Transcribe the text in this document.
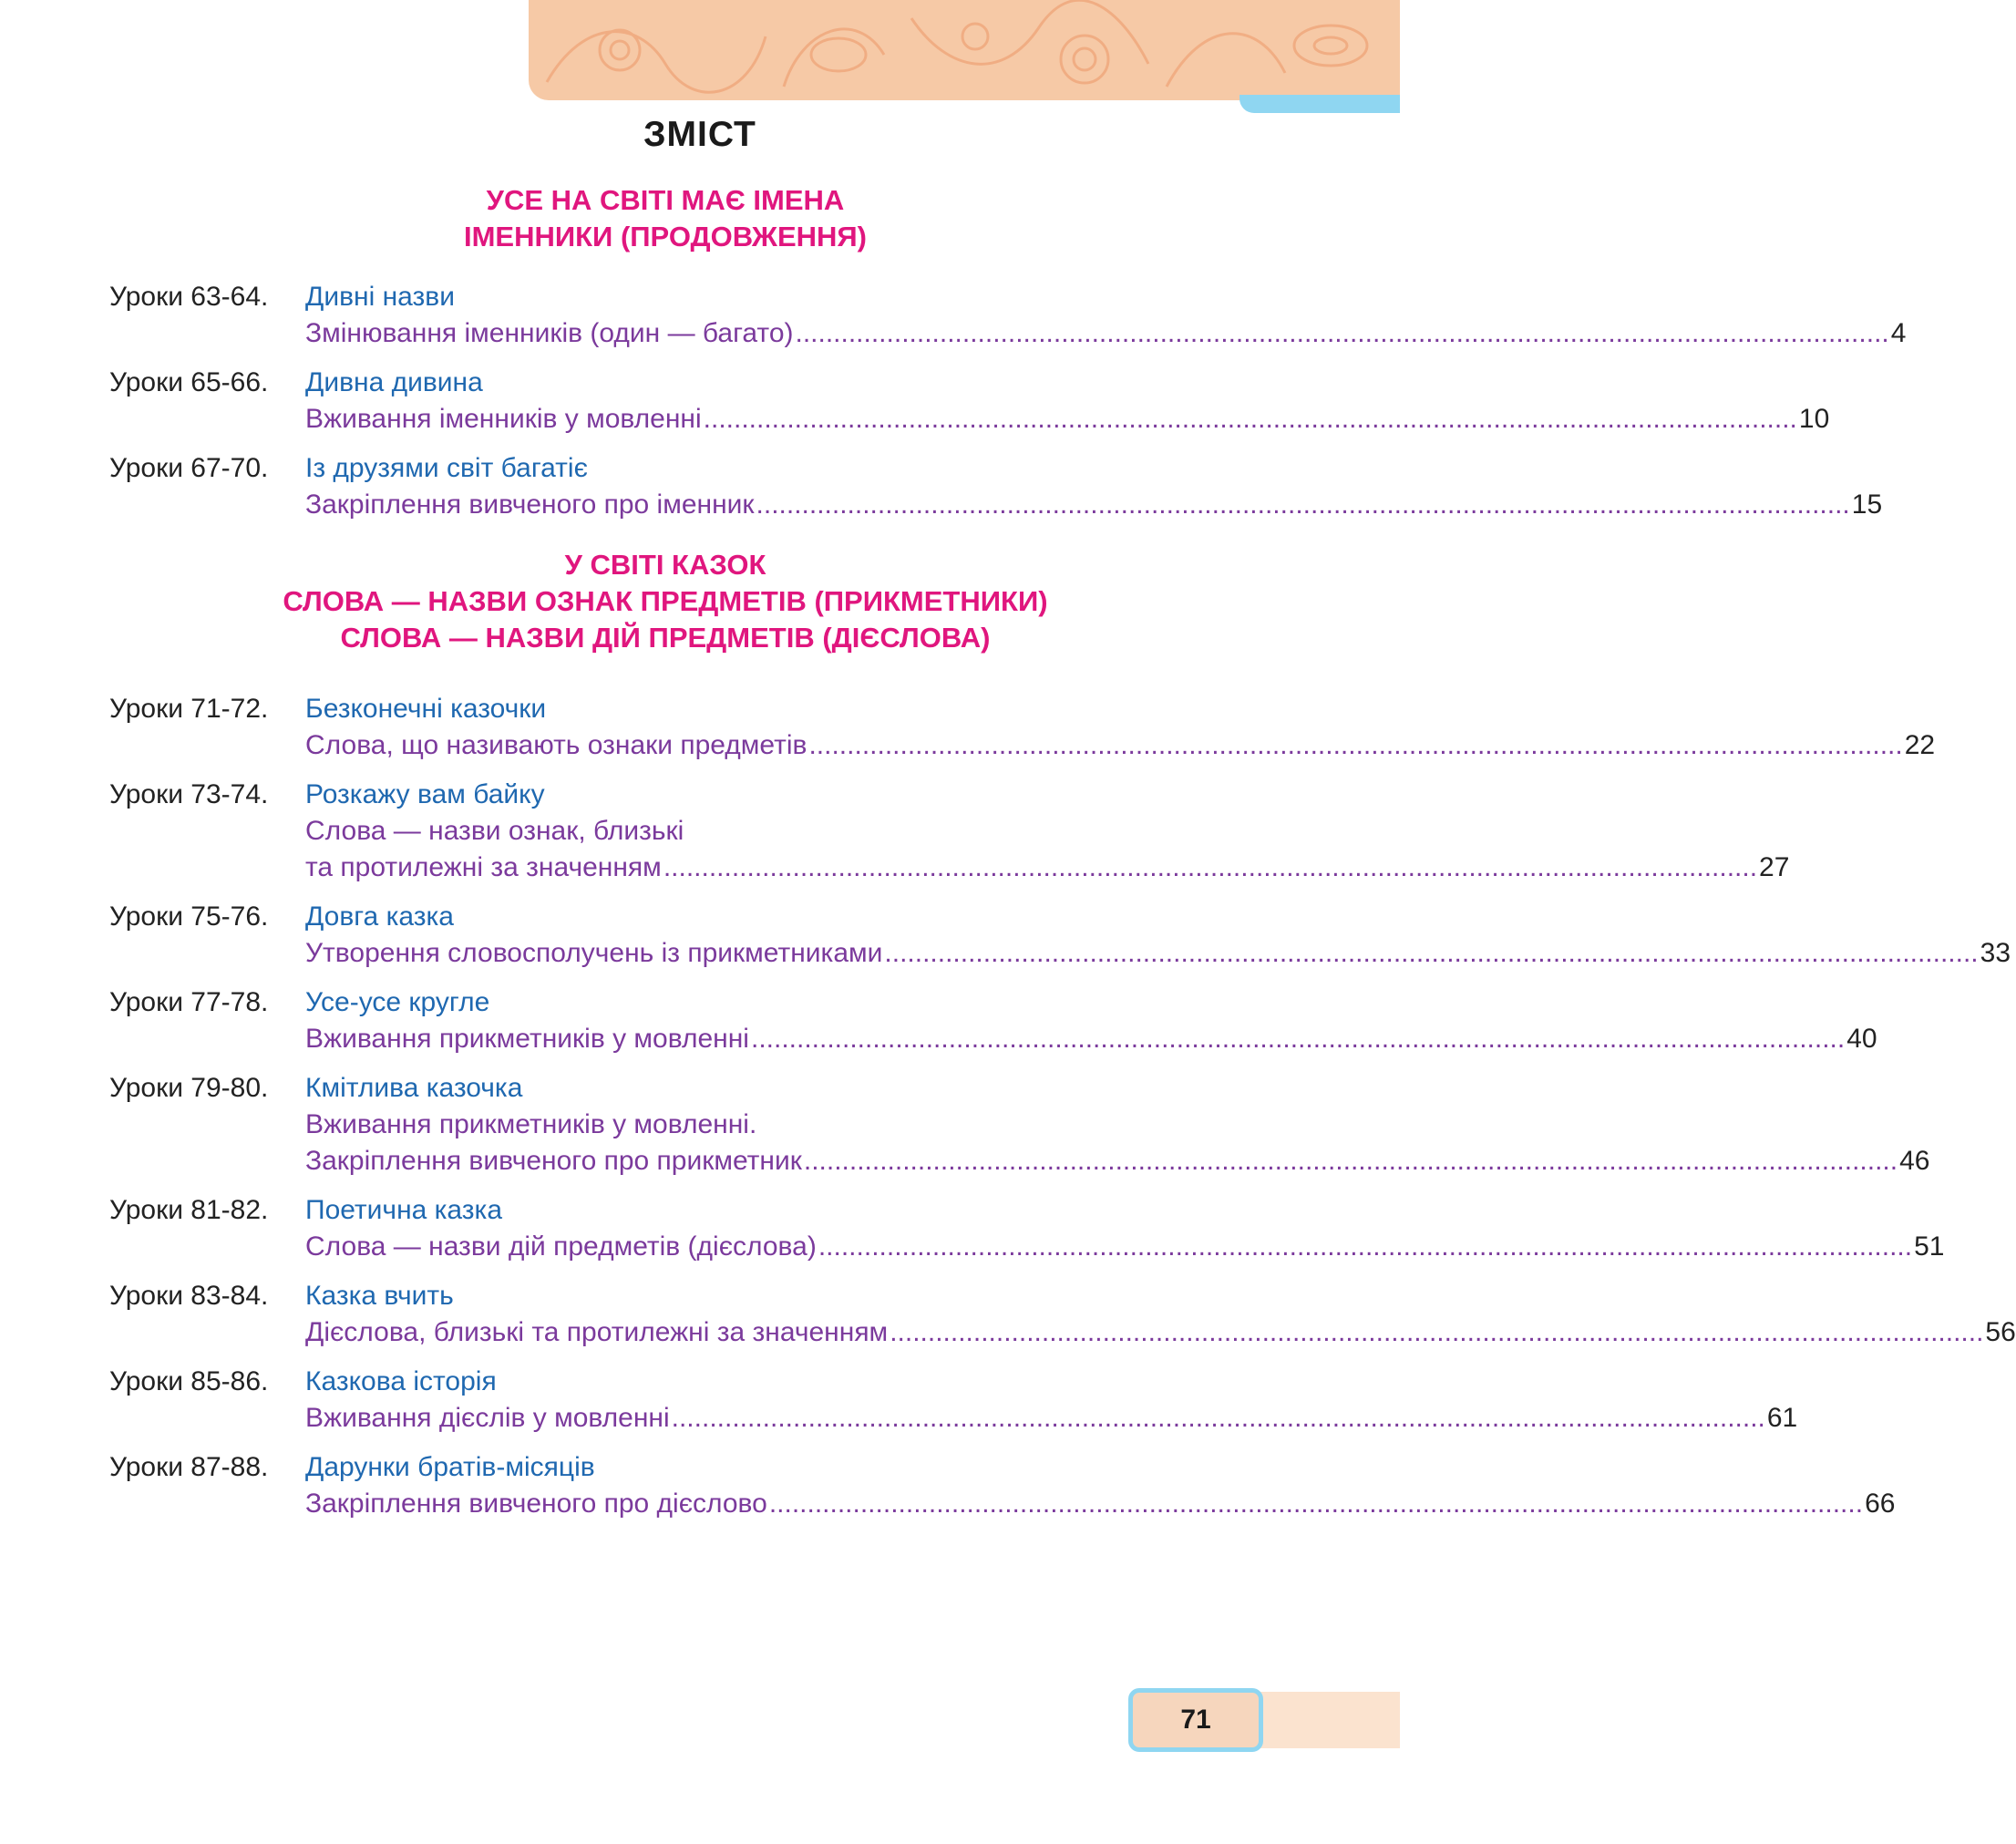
ЗМІСТ
УСЕ НА СВІТІ МАЄ ІМЕНА
ІМЕННИКИ (ПРОДОВЖЕННЯ)
У СВІТІ КАЗОК
СЛОВА — НАЗВИ ОЗНАК ПРЕДМЕТІВ (ПРИКМЕТНИКИ)
СЛОВА — НАЗВИ ДІЙ ПРЕДМЕТІВ (ДІЄСЛОВА)
Уроки 63-64. Дивні назви
Змінювання іменників (один — багато) ................................................................................................................................................ 4
Уроки 65-66. Дивна дивина
Вживання іменників у мовленні ................................................................................................................................................ 10
Уроки 67-70. Із друзями світ багатіє
Закріплення вивченого про іменник ................................................................................................................................................ 15
Уроки 71-72. Безконечні казочки
Слова, що називають ознаки предметів ................................................................................................................................................ 22
Уроки 73-74. Розкажу вам байку
Слова — назви ознак, близькі
та протилежні за значенням ................................................................................................................................................ 27
Уроки 75-76. Довга казка
Утворення словосполучень із прикметниками ................................................................................................................................................ 33
Уроки 77-78. Усе-усе кругле
Вживання прикметників у мовленні ................................................................................................................................................ 40
Уроки 79-80. Кмітлива казочка
Вживання прикметників у мовленні.
Закріплення вивченого про прикметник ................................................................................................................................................ 46
Уроки 81-82. Поетична казка
Слова — назви дій предметів (дієслова) ................................................................................................................................................ 51
Уроки 83-84. Казка вчить
Дієслова, близькі та протилежні за значенням ................................................................................................................................................ 56
Уроки 85-86. Казкова історія
Вживання дієслів у мовленні ................................................................................................................................................ 61
Уроки 87-88. Дарунки братів-місяців
Закріплення вивченого про дієслово ................................................................................................................................................ 66
71
